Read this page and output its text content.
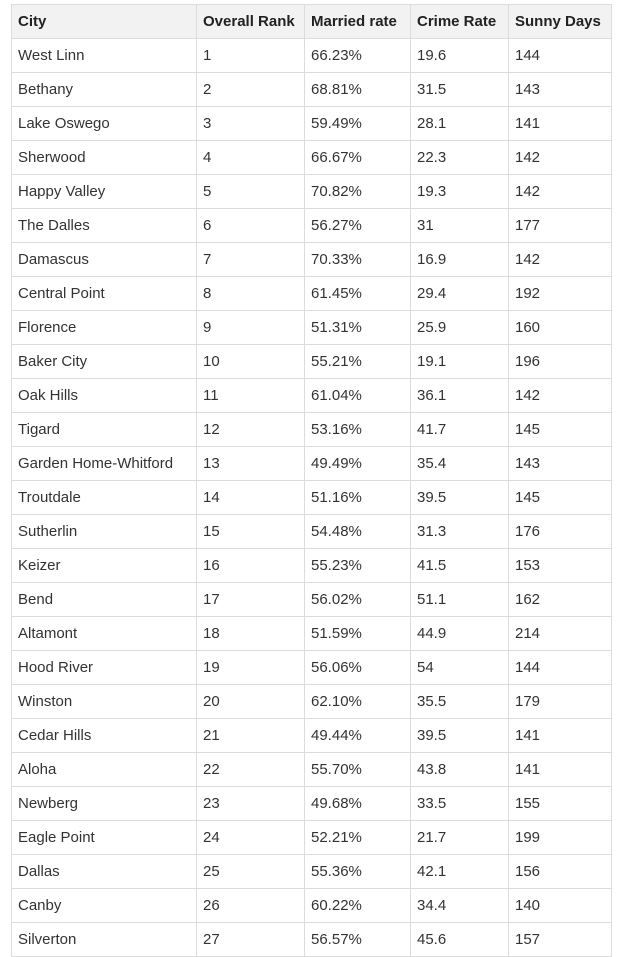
City	Overall Rank	Married rate	Crime Rate	Sunny Days
West Linn	1	66.23%	19.6	144
Bethany	2	68.81%	31.5	143
Lake Oswego	3	59.49%	28.1	141
Sherwood	4	66.67%	22.3	142
Happy Valley	5	70.82%	19.3	142
The Dalles	6	56.27%	31	177
Damascus	7	70.33%	16.9	142
Central Point	8	61.45%	29.4	192
Florence	9	51.31%	25.9	160
Baker City	10	55.21%	19.1	196
Oak Hills	11	61.04%	36.1	142
Tigard	12	53.16%	41.7	145
Garden Home-Whitford	13	49.49%	35.4	143
Troutdale	14	51.16%	39.5	145
Sutherlin	15	54.48%	31.3	176
Keizer	16	55.23%	41.5	153
Bend	17	56.02%	51.1	162
Altamont	18	51.59%	44.9	214
Hood River	19	56.06%	54	144
Winston	20	62.10%	35.5	179
Cedar Hills	21	49.44%	39.5	141
Aloha	22	55.70%	43.8	141
Newberg	23	49.68%	33.5	155
Eagle Point	24	52.21%	21.7	199
Dallas	25	55.36%	42.1	156
Canby	26	60.22%	34.4	140
Silverton	27	56.57%	45.6	157
